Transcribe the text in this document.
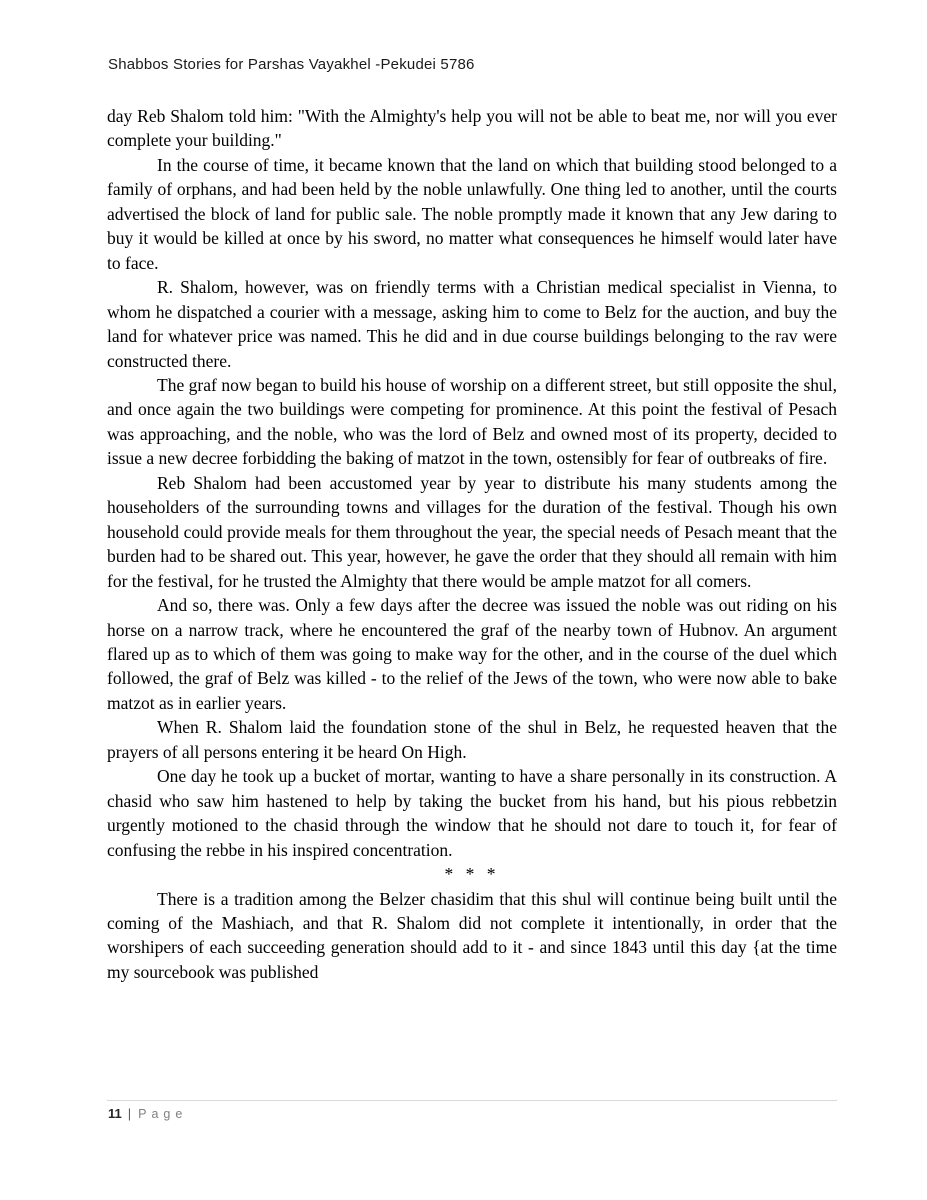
Shabbos Stories for Parshas Vayakhel -Pekudei 5786

day Reb Shalom told him: "With the Almighty's help you will not be able to beat me, nor will you ever complete your building."

In the course of time, it became known that the land on which that building stood belonged to a family of orphans, and had been held by the noble unlawfully. One thing led to another, until the courts advertised the block of land for public sale. The noble promptly made it known that any Jew daring to buy it would be killed at once by his sword, no matter what consequences he himself would later have to face.

R. Shalom, however, was on friendly terms with a Christian medical specialist in Vienna, to whom he dispatched a courier with a message, asking him to come to Belz for the auction, and buy the land for whatever price was named. This he did and in due course buildings belonging to the rav were constructed there.

The graf now began to build his house of worship on a different street, but still opposite the shul, and once again the two buildings were competing for prominence. At this point the festival of Pesach was approaching, and the noble, who was the lord of Belz and owned most of its property, decided to issue a new decree forbidding the baking of matzot in the town, ostensibly for fear of outbreaks of fire.

Reb Shalom had been accustomed year by year to distribute his many students among the householders of the surrounding towns and villages for the duration of the festival. Though his own household could provide meals for them throughout the year, the special needs of Pesach meant that the burden had to be shared out. This year, however, he gave the order that they should all remain with him for the festival, for he trusted the Almighty that there would be ample matzot for all comers.

And so, there was. Only a few days after the decree was issued the noble was out riding on his horse on a narrow track, where he encountered the graf of the nearby town of Hubnov. An argument flared up as to which of them was going to make way for the other, and in the course of the duel which followed, the graf of Belz was killed - to the relief of the Jews of the town, who were now able to bake matzot as in earlier years.

When R. Shalom laid the foundation stone of the shul in Belz, he requested heaven that the prayers of all persons entering it be heard On High.

One day he took up a bucket of mortar, wanting to have a share personally in its construction. A chasid who saw him hastened to help by taking the bucket from his hand, but his pious rebbetzin urgently motioned to the chasid through the window that he should not dare to touch it, for fear of confusing the rebbe in his inspired concentration.

* * *

There is a tradition among the Belzer chasidim that this shul will continue being built until the coming of the Mashiach, and that R. Shalom did not complete it intentionally, in order that the worshipers of each succeeding generation should add to it - and since 1843 until this day {at the time my sourcebook was published

11 | Page
